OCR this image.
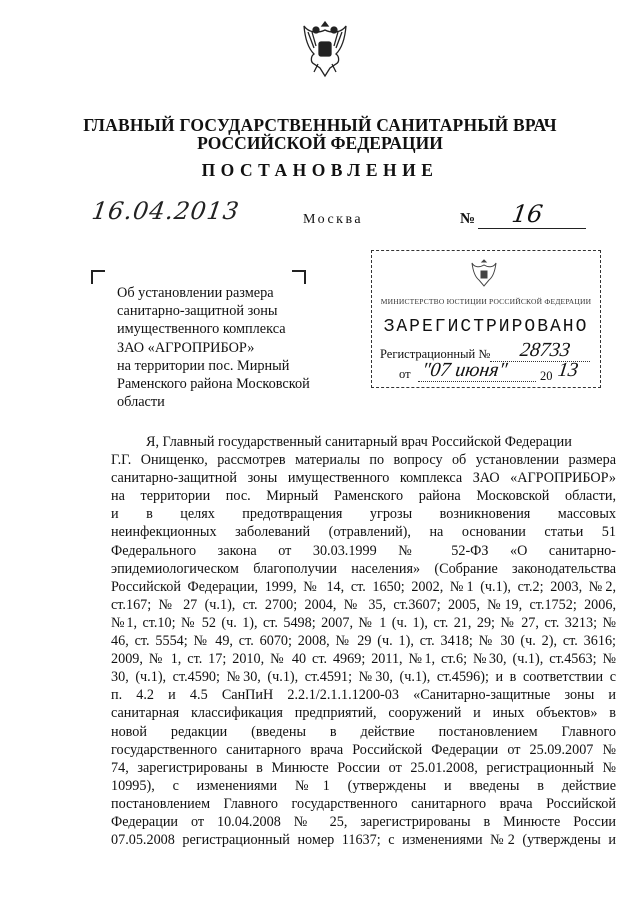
ГЛАВНЫЙ ГОСУДАРСТВЕННЫЙ САНИТАРНЫЙ ВРАЧ
РОССИЙСКОЙ ФЕДЕРАЦИИ
ПОСТАНОВЛЕНИЕ
16.04.2013	Москва	№ 16
Об установлении размера
санитарно-защитной зоны
имущественного комплекса
ЗАО «АГРОПРИБОР»
на территории пос. Мирный
Раменского района Московской
области
МИНИСТЕРСТВО ЮСТИЦИИ РОССИЙСКОЙ ФЕДЕРАЦИИ
ЗАРЕГИСТРИРОВАНО
Регистрационный № 28733
от "07 июня"	20 13
Я, Главный государственный санитарный врач Российской Федерации
Г.Г. Онищенко, рассмотрев материалы по вопросу об установлении размера
санитарно-защитной зоны имущественного комплекса ЗАО «АГРОПРИБОР»
на территории пос. Мирный Раменского района Московской области,
и в целях предотвращения угрозы возникновения массовых
неинфекционных заболеваний (отравлений), на основании статьи 51
Федерального закона от 30.03.1999 № 52-ФЗ «О санитарно-
эпидемиологическом благополучии населения» (Собрание законодательства
Российской Федерации, 1999, № 14, ст. 1650; 2002, №1 (ч.1), ст.2; 2003, №2,
ст.167; № 27 (ч.1), ст. 2700; 2004, № 35, ст.3607; 2005, №19, ст.1752; 2006,
№1, ст.10; № 52 (ч. 1), ст. 5498; 2007, № 1 (ч. 1), ст. 21, 29; № 27, ст. 3213; №
46, ст. 5554; № 49, ст. 6070; 2008, № 29 (ч. 1), ст. 3418; № 30 (ч. 2), ст. 3616;
2009, № 1, ст. 17; 2010, № 40 ст. 4969; 2011, №1, ст.6; №30, (ч.1), ст.4563; №
30, (ч.1), ст.4590; №30, (ч.1), ст.4591; №30, (ч.1), ст.4596); и в соответствии с
п. 4.2 и 4.5 СанПиН 2.2.1/2.1.1.1200-03 «Санитарно-защитные зоны и
санитарная классификация предприятий, сооружений и иных объектов» в
новой редакции (введены в действие постановлением Главного
государственного санитарного врача Российской Федерации от 25.09.2007 №
74, зарегистрированы в Минюсте России от 25.01.2008, регистрационный №
10995), с изменениями №1 (утверждены и введены в действие
постановлением Главного государственного санитарного врача Российской
Федерации от 10.04.2008 № 25, зарегистрированы в Минюсте России
07.05.2008 регистрационный номер 11637; с изменениями №2 (утверждены и
